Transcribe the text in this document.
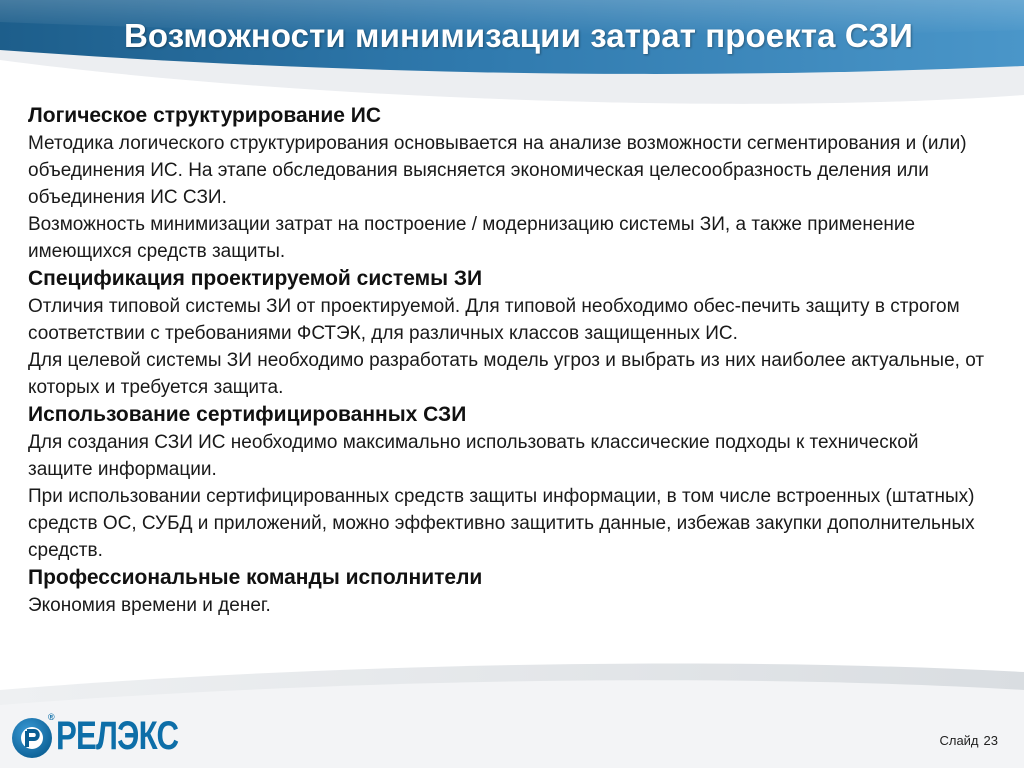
Возможности минимизации затрат проекта СЗИ
Логическое структурирование ИС

Методика логического структурирования основывается на анализе возможности сегментирования и (или) объединения ИС. На этапе обследования выясняется экономическая целесообразность деления или объединения ИС СЗИ.

Возможность минимизации затрат на построение / модернизацию системы ЗИ, а также применение имеющихся средств защиты.

Спецификация проектируемой системы ЗИ

Отличия типовой системы ЗИ от проектируемой. Для типовой необходимо обес-печить защиту в строгом соответствии с требованиями ФСТЭК, для различных классов защищенных ИС.

Для целевой системы ЗИ необходимо разработать модель угроз и выбрать из них наиболее актуальные, от которых и требуется защита.

Использование сертифицированных СЗИ

Для создания СЗИ ИС необходимо максимально использовать классические подходы к технической защите информации.

При использовании сертифицированных средств защиты информации, в том числе встроенных (штатных) средств ОС, СУБД и приложений, можно эффективно защитить данные, избежав закупки дополнительных средств.

Профессиональные команды исполнители

Экономия времени и денег.

® РЕЛЭКС	Слайд 23
